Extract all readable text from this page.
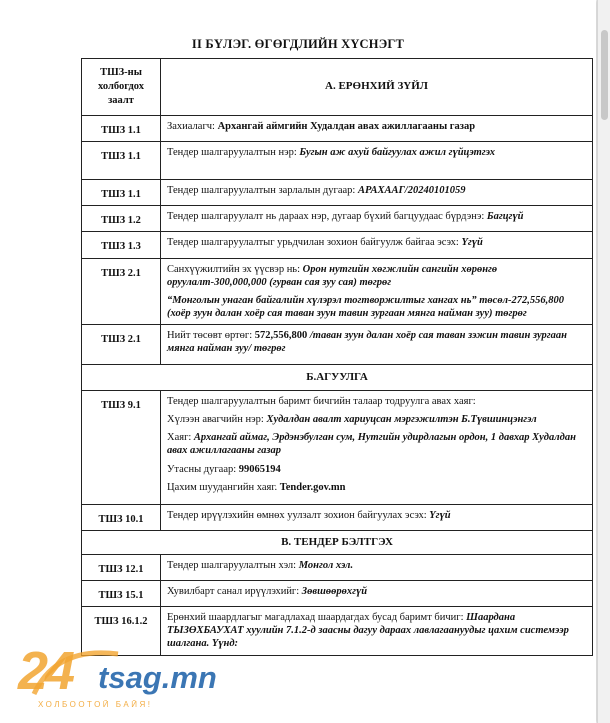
II БҮЛЭГ. ӨГӨГДЛИЙН ХҮСНЭГТ
ТШЗ-ны холбогдох заалт	А. ЕРӨНХИЙ ЗҮЙЛ
ТШЗ 1.1	Захиалагч: Архангай аймгийн Худалдан авах ажиллагааны газар
ТШЗ 1.1	Тендер шалгаруулалтын нэр: Бугын аж ахуй байгуулах ажил гүйцэтгэх
ТШЗ 1.1	Тендер шалгаруулалтын зарлалын дугаар: АРАХААГ/20240101059
ТШЗ 1.2	Тендер шалгаруулалт нь дараах нэр, дугаар бүхий багцуудаас бүрдэнэ: Багцгүй
ТШЗ 1.3	Тендер шалгаруулалтыг урьдчилан зохион байгуулж байгаа эсэх: Үгүй
ТШЗ 2.1	Санхүүжилтийн эх үүсвэр нь: Орон нутгийн хөгжлийн сангийн хөрөнгө оруулалт-300,000,000 (гурван сая зуу сая) төгрөг

“Монголын унаган байгалийн хүлэрэл тогтворжилтыг хангах нь” төсөл-272,556,800 (хоёр зуун далан хоёр сая таван зуун тавин зургаан мянга найман зуу) төгрөг

ТШЗ 2.1	Нийт төсөвт өртөг: 572,556,800 /таван зуун далан хоёр сая таван зэжин тавин зургаан мянга найман зуу/ төгрөг
Б.АГУУЛГА	
ТШЗ 9.1	Тендер шалгаруулалтын баримт бичгийн талаар тодруулга авах хаяг:

Хүлээн авагчийн нэр: Худалдан авалт хариуцсан мэргэжилтэн Б.Түвшинцэнгэл

Хаяг: Архангай аймаг, Эрдэнэбулган сум, Нутгийн удирдлагын ордон, 1 давхар Худалдан авах ажиллагааны газар

Утасны дугаар: 99065194

Цахим шуудангийн хаяг. Tender.gov.mn

ТШЗ 10.1	Тендер ирүүлэхийн өмнөх уулзалт зохион байгуулах эсэх: Үгүй
В. ТЕНДЕР БЭЛТГЭХ	
ТШЗ 12.1	Тендер шалгаруулалтын хэл: Монгол хэл.
ТШЗ 15.1	Хувилбарт санал ирүүлэхийг: Зөвшөөрөхгүй
ТШЗ 16.1.2	Ерөнхий шаардлагыг магадлахад шаардагдах бусад баримт бичиг: Шаардана ТЫЗӨХБАУХАТ хуулийн 7.1.2-д заасны дагуу дараах лавлагаануудыг цахим системээр шалгана. Үүнд:
24 tsag.mn
ХОЛБООТОЙ БАЙЯ!
